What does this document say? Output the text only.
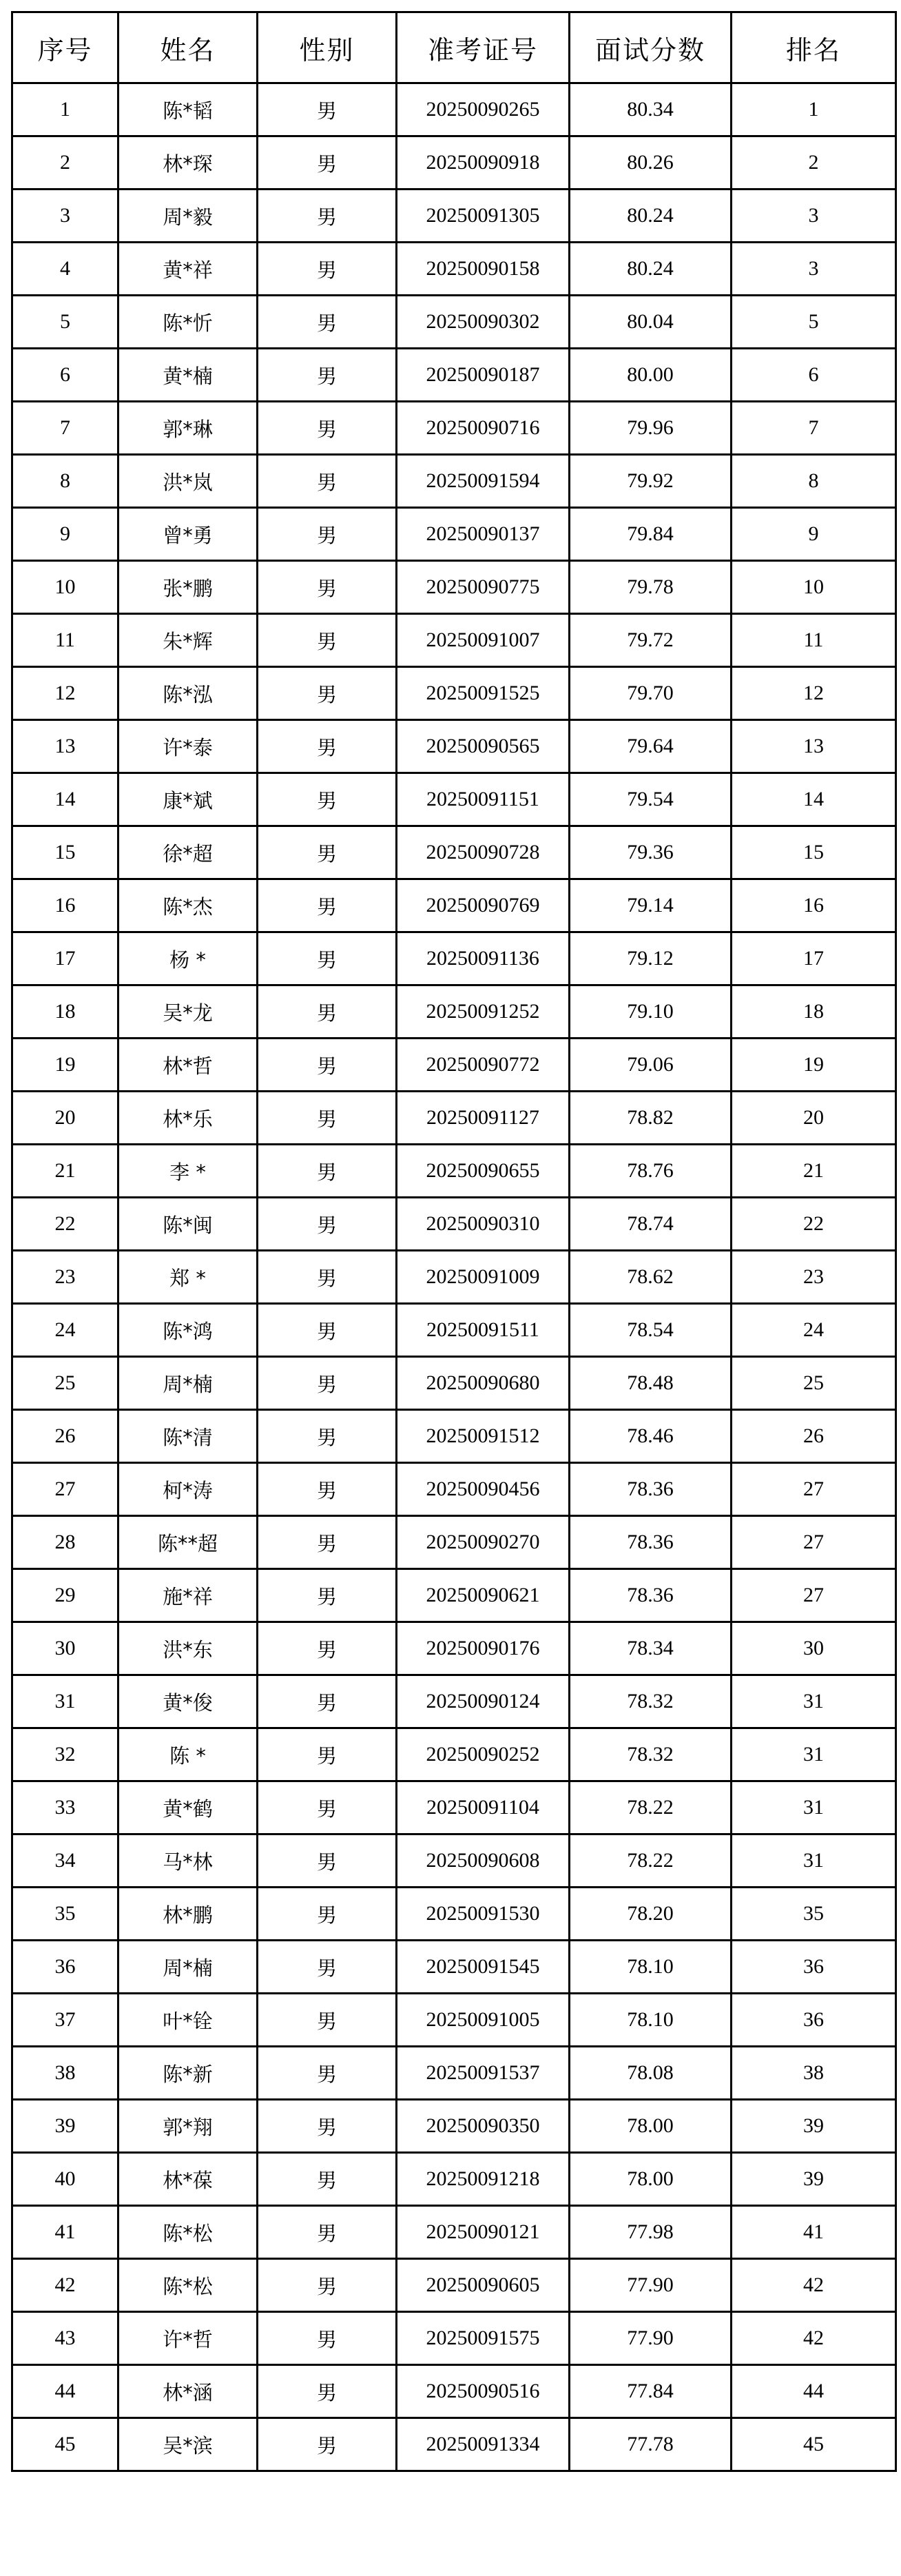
序号	姓名	性别	准考证号	面试分数	排名
1	陈*韬	男	20250090265	80.34	1
2	林*琛	男	20250090918	80.26	2
3	周*毅	男	20250091305	80.24	3
4	黄*祥	男	20250090158	80.24	3
5	陈*忻	男	20250090302	80.04	5
6	黄*楠	男	20250090187	80.00	6
7	郭*琳	男	20250090716	79.96	7
8	洪*岚	男	20250091594	79.92	8
9	曾*勇	男	20250090137	79.84	9
10	张*鹏	男	20250090775	79.78	10
11	朱*辉	男	20250091007	79.72	11
12	陈*泓	男	20250091525	79.70	12
13	许*泰	男	20250090565	79.64	13
14	康*斌	男	20250091151	79.54	14
15	徐*超	男	20250090728	79.36	15
16	陈*杰	男	20250090769	79.14	16
17	杨 *	男	20250091136	79.12	17
18	吴*龙	男	20250091252	79.10	18
19	林*哲	男	20250090772	79.06	19
20	林*乐	男	20250091127	78.82	20
21	李 *	男	20250090655	78.76	21
22	陈*闽	男	20250090310	78.74	22
23	郑 *	男	20250091009	78.62	23
24	陈*鸿	男	20250091511	78.54	24
25	周*楠	男	20250090680	78.48	25
26	陈*清	男	20250091512	78.46	26
27	柯*涛	男	20250090456	78.36	27
28	陈**超	男	20250090270	78.36	27
29	施*祥	男	20250090621	78.36	27
30	洪*东	男	20250090176	78.34	30
31	黄*俊	男	20250090124	78.32	31
32	陈 *	男	20250090252	78.32	31
33	黄*鹤	男	20250091104	78.22	31
34	马*林	男	20250090608	78.22	31
35	林*鹏	男	20250091530	78.20	35
36	周*楠	男	20250091545	78.10	36
37	叶*铨	男	20250091005	78.10	36
38	陈*新	男	20250091537	78.08	38
39	郭*翔	男	20250090350	78.00	39
40	林*葆	男	20250091218	78.00	39
41	陈*松	男	20250090121	77.98	41
42	陈*松	男	20250090605	77.90	42
43	许*哲	男	20250091575	77.90	42
44	林*涵	男	20250090516	77.84	44
45	吴*滨	男	20250091334	77.78	45
